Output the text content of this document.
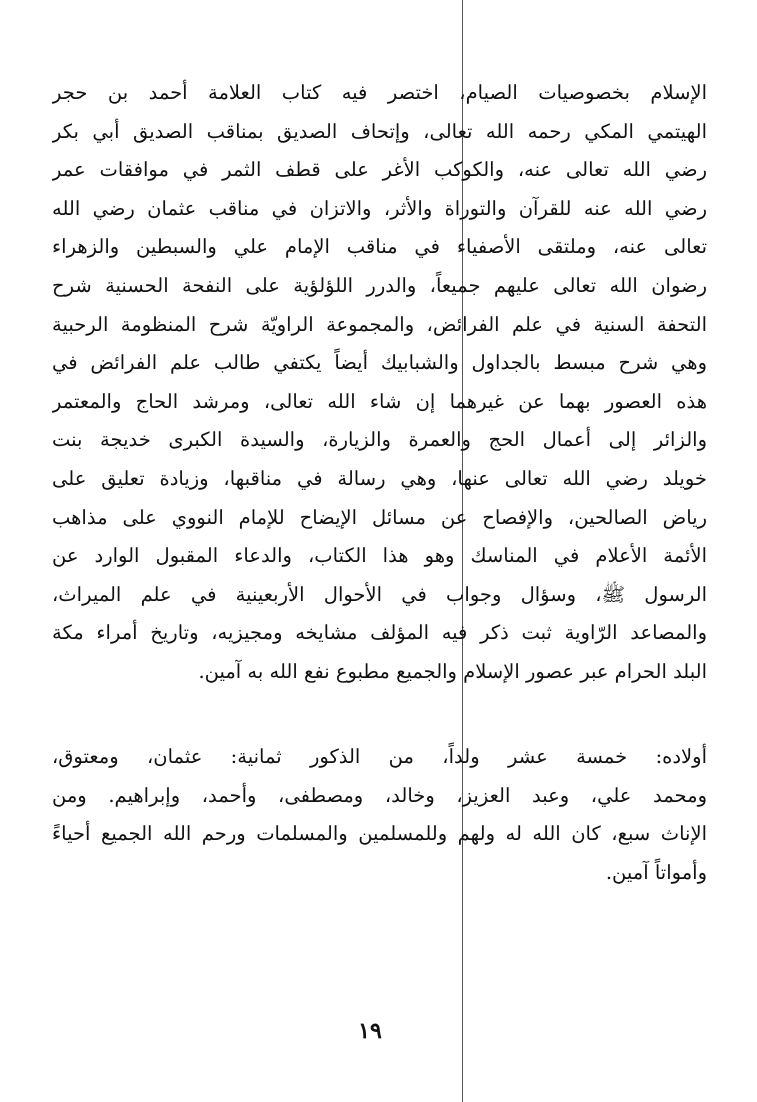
الإسلام بخصوصيات الصيام، اختصر فيه كتاب العلامة أحمد بن حجر
الهيتمي المكي رحمه الله تعالى، وإتحاف الصديق بمناقب الصديق أبي بكر
رضي الله تعالى عنه، والكوكب الأغر على قطف الثمر في موافقات عمر
رضي الله عنه للقرآن والتوراة والأثر، والاتزان في مناقب عثمان رضي الله
تعالى عنه، وملتقى الأصفياء في مناقب الإمام علي والسبطين والزهراء
رضوان الله تعالى عليهم جميعاً، والدرر اللؤلؤية على النفحة الحسنية شرح
التحفة السنية في علم الفرائض، والمجموعة الراويّة شرح المنظومة الرحبية
وهي شرح مبسط بالجداول والشبابيك أيضاً يكتفي طالب علم الفرائض في
هذه العصور بهما عن غيرهما إن شاء الله تعالى، ومرشد الحاج والمعتمر
والزائر إلى أعمال الحج والعمرة والزيارة، والسيدة الكبرى خديجة بنت
خويلد رضي الله تعالى عنها، وهي رسالة في مناقبها، وزيادة تعليق على
رياض الصالحين، والإفصاح عن مسائل الإيضاح للإمام النووي على مذاهب
الأئمة الأعلام في المناسك وهو هذا الكتاب، والدعاء المقبول الوارد عن
الرسول ﷺ، وسؤال وجواب في الأحوال الأربعينية في علم الميراث،
والمصاعد الرّاوية ثبت ذكر فيه المؤلف مشايخه ومجيزيه، وتاريخ أمراء مكة
البلد الحرام عبر عصور الإسلام والجميع مطبوع نفع الله به آمين.
أولاده: خمسة عشر ولداً، من الذكور ثمانية: عثمان، ومعتوق،
ومحمد علي، وعبد العزيز، وخالد، ومصطفى، وأحمد، وإبراهيم. ومن
الإناث سبع، كان الله له ولهم وللمسلمين والمسلمات ورحم الله الجميع أحياءً
وأمواتاً آمين.
١٩
